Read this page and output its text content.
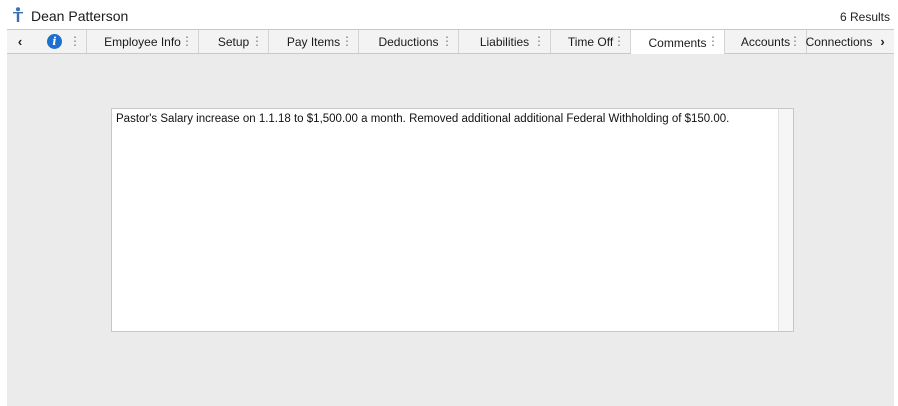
Dean Patterson	6 Results
‹	i	⋮ Employee Info ⋮ Setup ⋮ Pay Items ⋮ Deductions ⋮ Liabilities ⋮ Time Off ⋮ Comments ⋮ Accounts
⋮ Connections ›
Pastor's Salary increase on 1.1.18 to $1,500.00 a month. Removed additional additional Federal Withholding of $150.00.
